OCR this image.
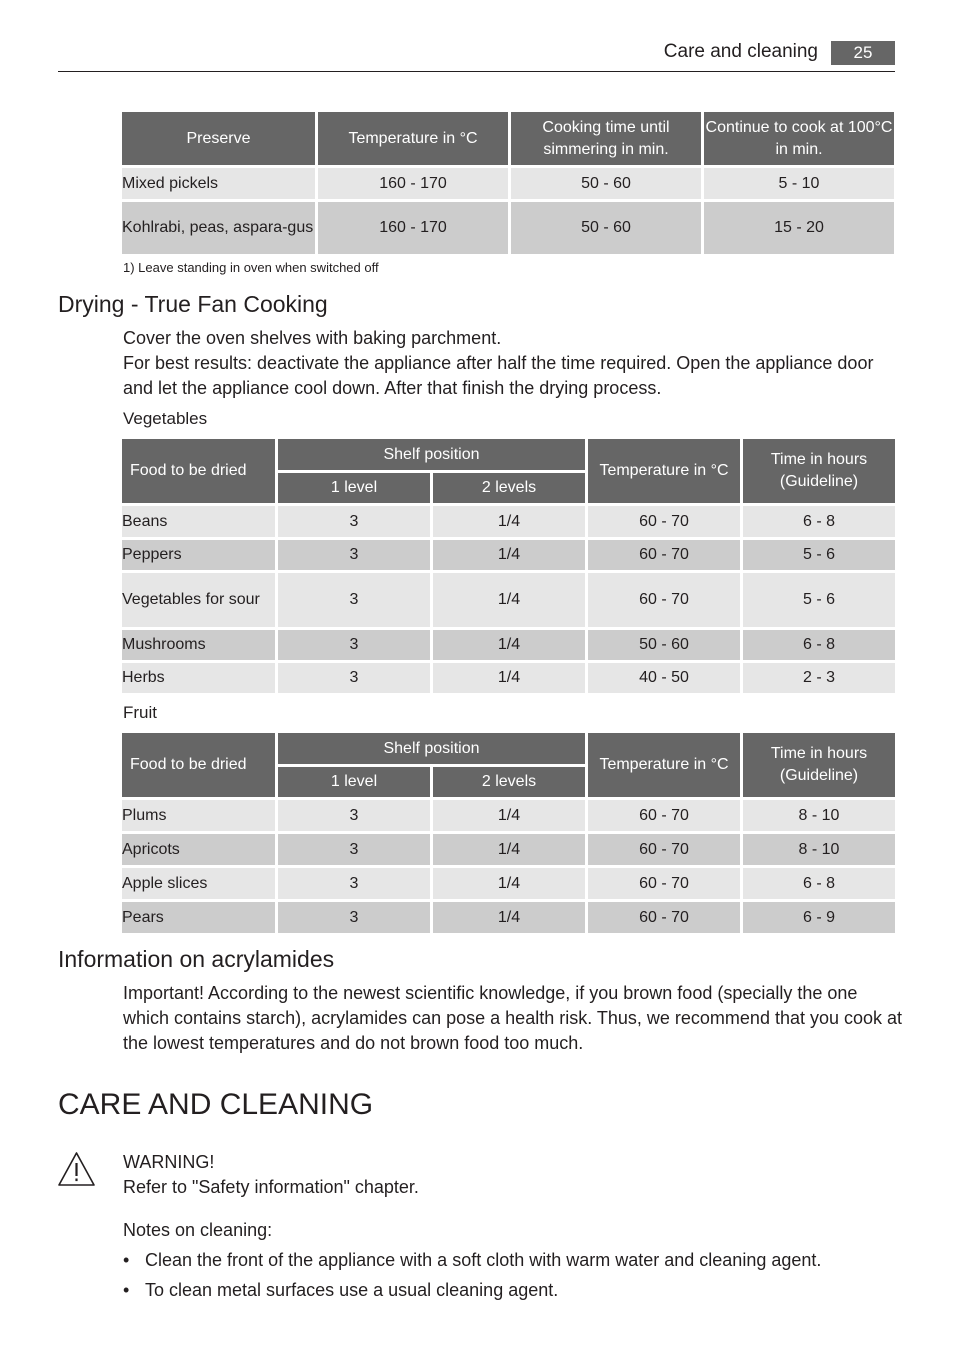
Care and cleaning	25
Preserve	Temperature in °C	Cooking time until simmering in min.	Continue to cook at 100°C in min.
Mixed pickels	160 - 170	50 - 60	5 - 10
Kohlrabi, peas, aspara-gus	160 - 170	50 - 60	15 - 20
1) Leave standing in oven when switched off
Drying - True Fan Cooking

Cover the oven shelves with baking parchment.

For best results: deactivate the appliance after half the time required. Open the appliance door and let the appliance cool down. After that finish the drying process.

Vegetables
Food to be dried	Shelf position		Temperature in °C	Time in hours (Guideline)
	1 level	2 levels		
Beans	3	1/4	60 - 70	6 - 8
Peppers	3	1/4	60 - 70	5 - 6
Vegetables for sour	3	1/4	60 - 70	5 - 6
Mushrooms	3	1/4	50 - 60	6 - 8
Herbs	3	1/4	40 - 50	2 - 3
Fruit
Food to be dried	Shelf position		Temperature in °C	Time in hours (Guideline)
	1 level	2 levels		
Plums	3	1/4	60 - 70	8 - 10
Apricots	3	1/4	60 - 70	8 - 10
Apple slices	3	1/4	60 - 70	6 - 8
Pears	3	1/4	60 - 70	6 - 9
Information on acrylamides

Important! According to the newest scientific knowledge, if you brown food (specially the one which contains starch), acrylamides can pose a health risk. Thus, we recommend that you cook at the lowest temperatures and do not brown food too much.

CARE AND CLEANING
WARNING!
Refer to "Safety information" chapter.
Notes on cleaning:
• Clean the front of the appliance with a soft cloth with warm water and cleaning agent.
• To clean metal surfaces use a usual cleaning agent.
